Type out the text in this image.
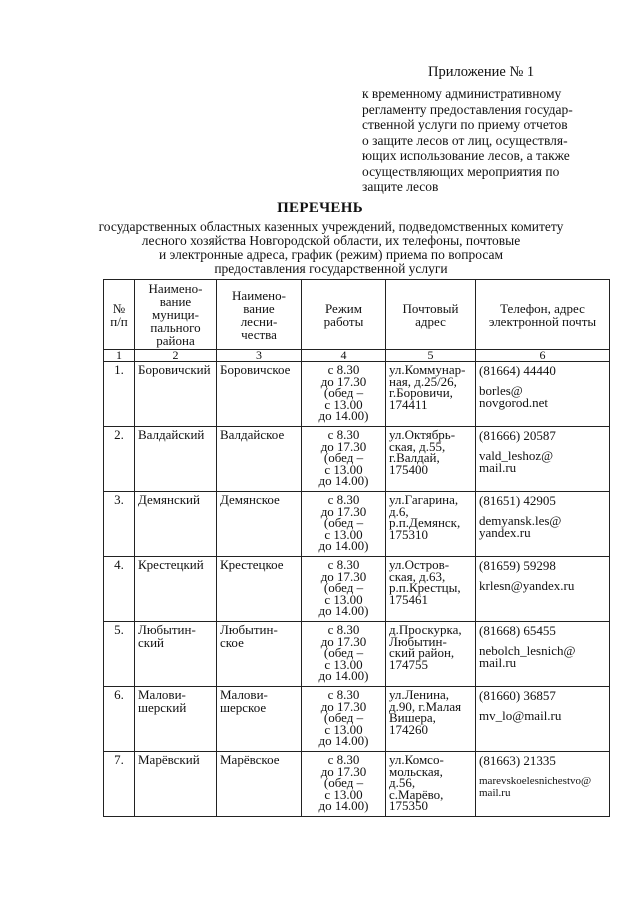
Приложение № 1
к временному административному
регламенту предоставления государ-
ственной услуги по приему отчетов
о защите лесов от лиц, осуществля-
ющих использование лесов, а также
осуществляющих мероприятия по
защите лесов
ПЕРЕЧЕНЬ
государственных областных казенных учреждений, подведомственных комитету
лесного хозяйства Новгородской области, их телефоны, почтовые
и электронные адреса, график (режим) приема по вопросам
предоставления государственной услуги
№
п/п	Наимено-
вание
муници-
пального
района	Наимено-
вание
лесни-
чества	Режим
работы	Почтовый
адрес	Телефон, адрес
электронной почты
1	2	3	4	5	6
1.	Боровичский	Боровичское	с 8.30
до 17.30
(обед –
с 13.00
до 14.00)	ул.Коммунар-
ная, д.25/26,
г.Боровичи,
174411	(81664) 44440
borles@
novgorod.net

2.	Валдайский	Валдайское	с 8.30
до 17.30
(обед –
с 13.00
до 14.00)	ул.Октябрь-
ская, д.55,
г.Валдай,
175400	(81666) 20587
vald_leshoz@
mail.ru

3.	Демянский	Демянское	с 8.30
до 17.30
(обед –
с 13.00
до 14.00)	ул.Гагарина,
д.6,
р.п.Демянск,
175310	(81651) 42905
demyansk.les@
yandex.ru

4.	Крестецкий	Крестецкое	с 8.30
до 17.30
(обед –
с 13.00
до 14.00)	ул.Остров-
ская, д.63,
р.п.Крестцы,
175461	(81659) 59298
krlesn@yandex.ru

5.	Любытин-
ский	Любытин-
ское	с 8.30
до 17.30
(обед –
с 13.00
до 14.00)	д.Проскурка,
Любытин-
ский район,
174755	(81668) 65455
nebolch_lesnich@
mail.ru

6.	Малови-
шерский	Малови-
шерское	с 8.30
до 17.30
(обед –
с 13.00
до 14.00)	ул.Ленина,
д.90, г.Малая
Вишера,
174260	(81660) 36857
mv_lo@mail.ru

7.	Марёвский	Марёвское	с 8.30
до 17.30
(обед –
с 13.00
до 14.00)	ул.Комсо-
мольская,
д.56, с.Марёво,
175350	(81663) 21335
marevskoelesnichestvo@
mail.ru
